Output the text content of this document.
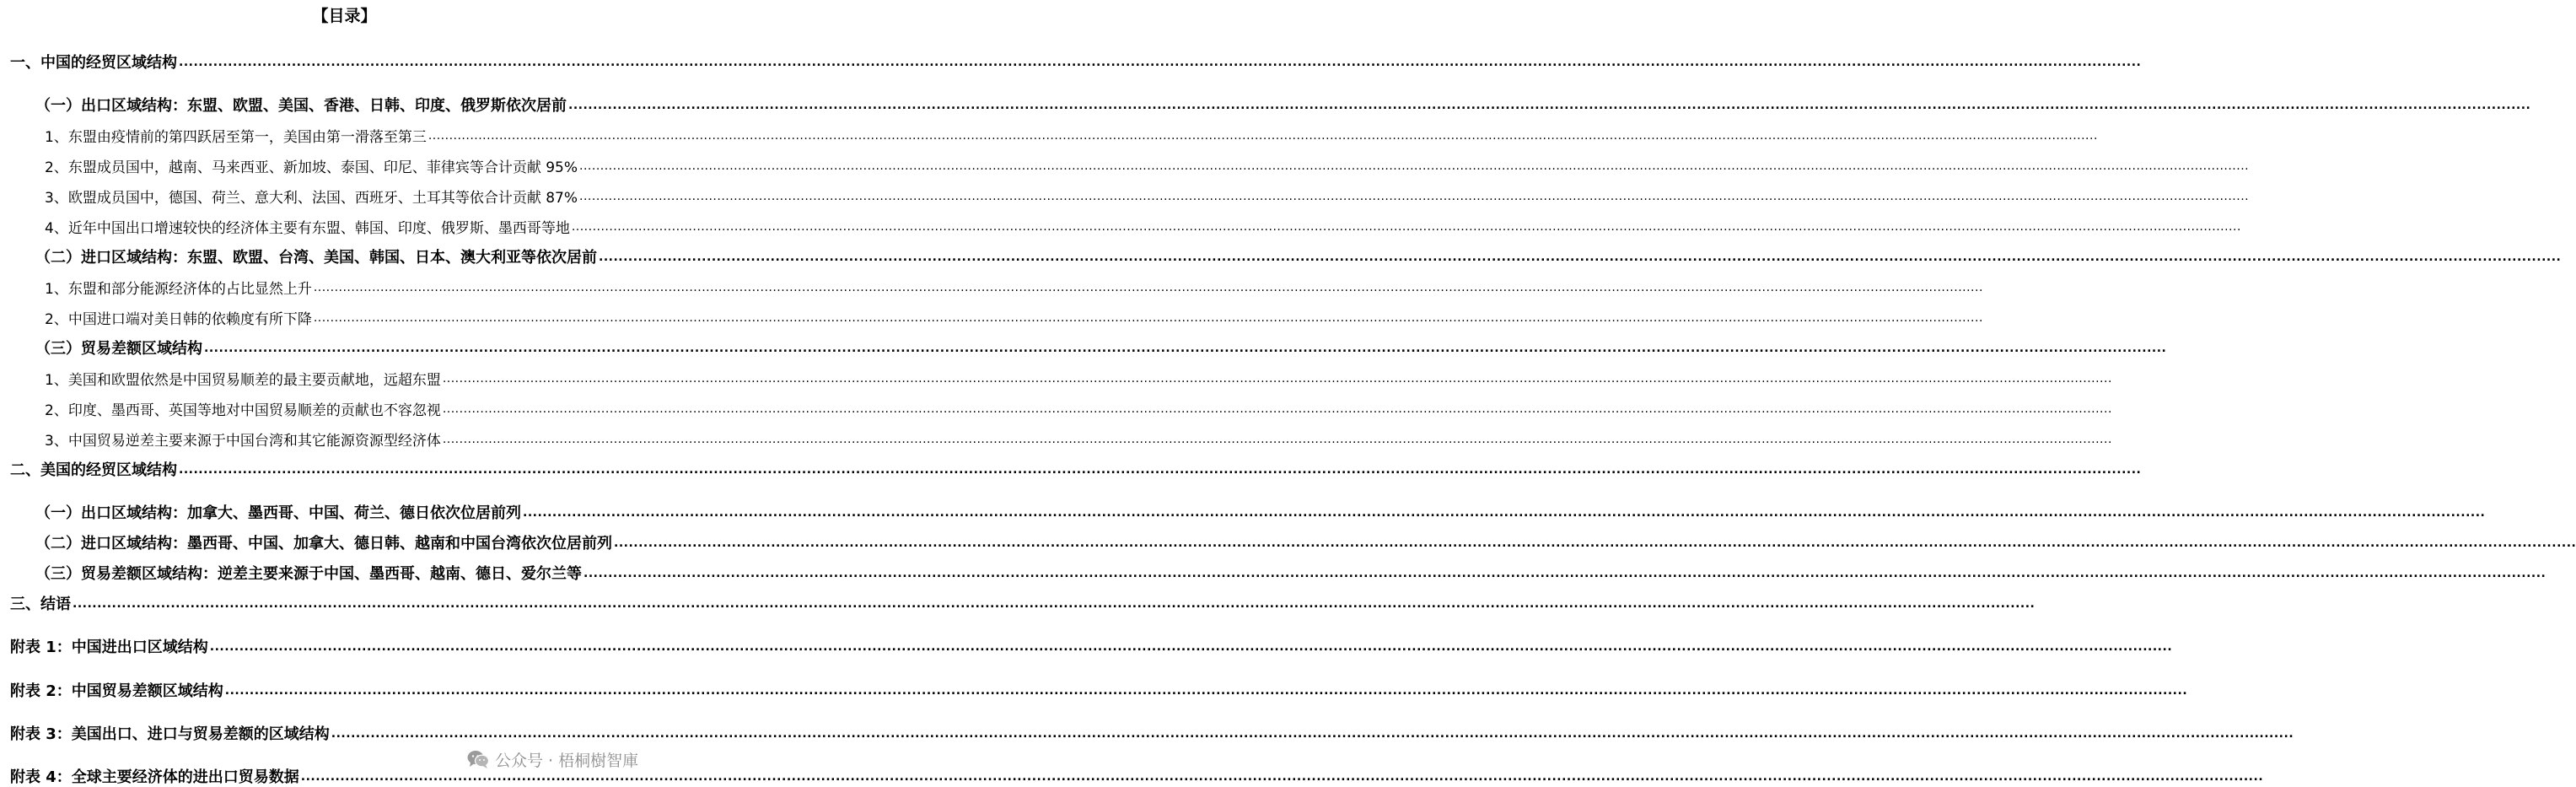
【目录】
一、中国的经贸区域结构 ................................................................................................................................................................................................................................................................................................................................................................................................................
（一）出口区域结构：东盟、欧盟、美国、香港、日韩、印度、俄罗斯依次居前 ................................................................................................................................................................................................................................................................................................................................................................................................................
1、东盟由疫情前的第四跃居至第一，美国由第一滑落至第三 ................................................................................................................................................................................................................................................................................................................................................................................................................
2、东盟成员国中，越南、马来西亚、新加坡、泰国、印尼、菲律宾等合计贡献 95% ................................................................................................................................................................................................................................................................................................................................................................................................................
3、欧盟成员国中，德国、荷兰、意大利、法国、西班牙、土耳其等依合计贡献 87% ................................................................................................................................................................................................................................................................................................................................................................................................................
4、近年中国出口增速较快的经济体主要有东盟、韩国、印度、俄罗斯、墨西哥等地 ................................................................................................................................................................................................................................................................................................................................................................................................................
（二）进口区域结构：东盟、欧盟、台湾、美国、韩国、日本、澳大利亚等依次居前 ................................................................................................................................................................................................................................................................................................................................................................................................................
1、东盟和部分能源经济体的占比显然上升 ................................................................................................................................................................................................................................................................................................................................................................................................................
2、中国进口端对美日韩的依赖度有所下降 ................................................................................................................................................................................................................................................................................................................................................................................................................
（三）贸易差额区域结构 ................................................................................................................................................................................................................................................................................................................................................................................................................
1、美国和欧盟依然是中国贸易顺差的最主要贡献地，远超东盟 ................................................................................................................................................................................................................................................................................................................................................................................................................
2、印度、墨西哥、英国等地对中国贸易顺差的贡献也不容忽视 ................................................................................................................................................................................................................................................................................................................................................................................................................
3、中国贸易逆差主要来源于中国台湾和其它能源资源型经济体 ................................................................................................................................................................................................................................................................................................................................................................................................................
二、美国的经贸区域结构 ................................................................................................................................................................................................................................................................................................................................................................................................................
（一）出口区域结构：加拿大、墨西哥、中国、荷兰、德日依次位居前列 ................................................................................................................................................................................................................................................................................................................................................................................................................
（二）进口区域结构：墨西哥、中国、加拿大、德日韩、越南和中国台湾依次位居前列 ................................................................................................................................................................................................................................................................................................................................................................................................................
（三）贸易差额区域结构：逆差主要来源于中国、墨西哥、越南、德日、爱尔兰等 ................................................................................................................................................................................................................................................................................................................................................................................................................
三、结语 ................................................................................................................................................................................................................................................................................................................................................................................................................
附表 1：中国进出口区域结构 ................................................................................................................................................................................................................................................................................................................................................................................................................
附表 2：中国贸易差额区域结构 ................................................................................................................................................................................................................................................................................................................................................................................................................
附表 3：美国出口、进口与贸易差额的区域结构 ................................................................................................................................................................................................................................................................................................................................................................................................................
附表 4：全球主要经济体的进出口贸易数据 ................................................................................................................................................................................................................................................................................................................................................................................................................
公众号 · 梧桐樹智庫
